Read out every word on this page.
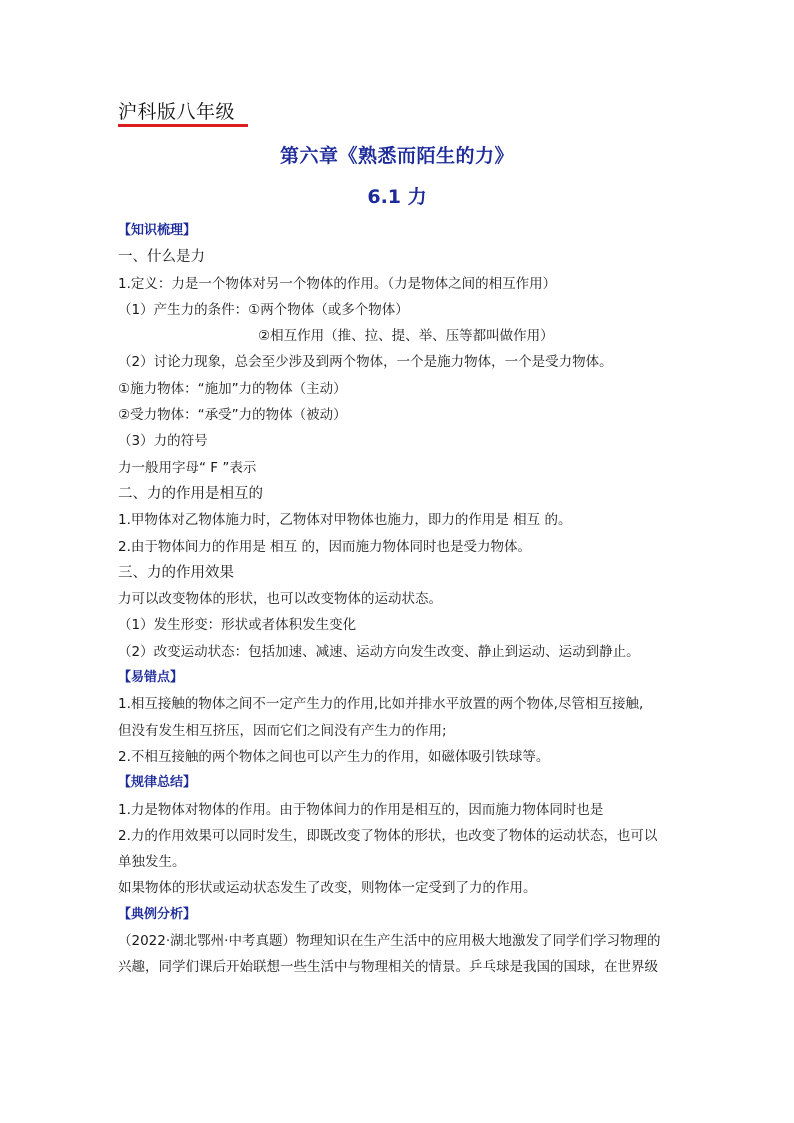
沪科版八年级
第六章《熟悉而陌生的力》
6.1 力
【知识梳理】
一、什么是力
1.定义：力是一个物体对另一个物体的作用。（力是物体之间的相互作用）
（1）产生力的条件：①两个物体（或多个物体）
②相互作用（推、拉、提、举、压等都叫做作用）
（2）讨论力现象，总会至少涉及到两个物体，一个是施力物体，一个是受力物体。
①施力物体：“施加”力的物体（主动）
②受力物体：“承受”力的物体（被动）
（3）力的符号
力一般用字母“ F ”表示
二、力的作用是相互的
1.甲物体对乙物体施力时，乙物体对甲物体也施力，即力的作用是 相互 的。
2.由于物体间力的作用是 相互 的，因而施力物体同时也是受力物体。
三、力的作用效果
力可以改变物体的形状，也可以改变物体的运动状态。
（1）发生形变：形状或者体积发生变化
（2）改变运动状态：包括加速、减速、运动方向发生改变、静止到运动、运动到静止。
【易错点】
1.相互接触的物体之间不一定产生力的作用,比如并排水平放置的两个物体,尽管相互接触,
但没有发生相互挤压，因而它们之间没有产生力的作用;
2.不相互接触的两个物体之间也可以产生力的作用，如磁体吸引铁球等。
【规律总结】
1.力是物体对物体的作用。由于物体间力的作用是相互的，因而施力物体同时也是
2.力的作用效果可以同时发生，即既改变了物体的形状，也改变了物体的运动状态，也可以
单独发生。
如果物体的形状或运动状态发生了改变，则物体一定受到了力的作用。
【典例分析】
（2022·湖北鄂州·中考真题）物理知识在生产生活中的应用极大地激发了同学们学习物理的
兴趣，同学们课后开始联想一些生活中与物理相关的情景。乒乓球是我国的国球，在世界级
